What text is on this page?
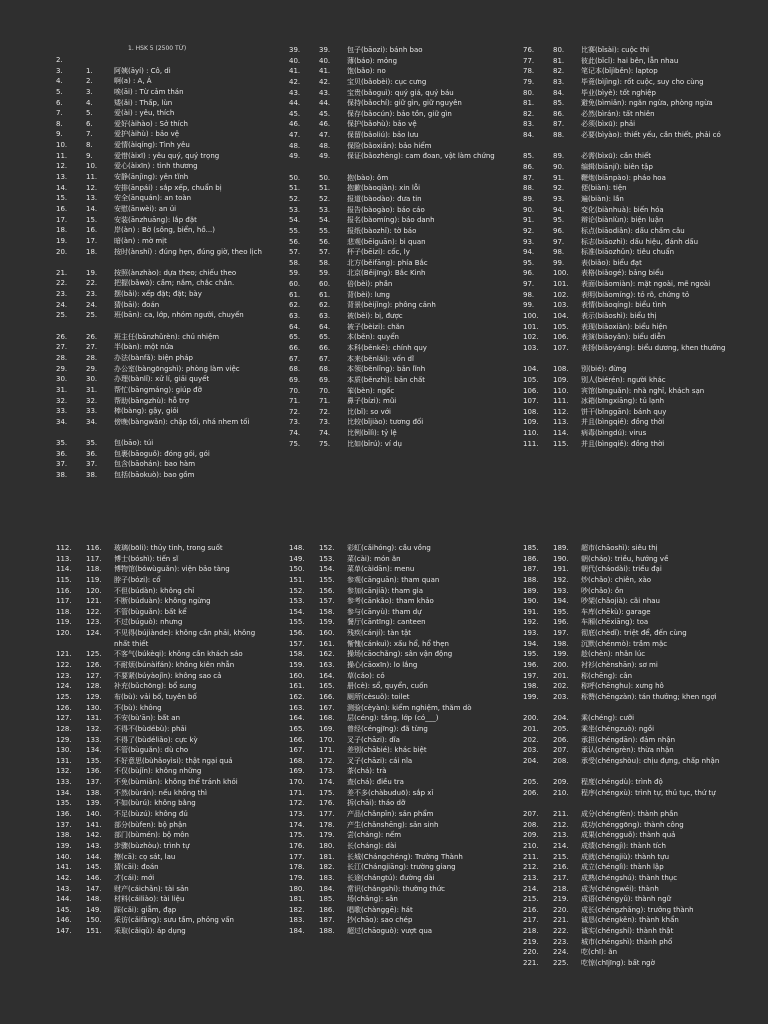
1. HSK 5 (2500 TỪ)
2.
3.	1.	阿姨(āyí) : Cô, dì
4.	2.	啊(a) : A, Á
5.	3.	唉(āi) : Từ cảm thán
6.	4.	矮(ǎi) : Thấp, lùn
7.	5.	爱(ài) : yêu, thích
8.	6.	爱好(àihào) : Sở thích
9.	7.	爱护(àihù) : bảo vệ
10.	8.	爱情(àiqíng): Tình yêu
11.	9.	爱惜(àixī) : yêu quý, quý trọng
12.	10.	爱心(àixīn) : tình thương
13.	11.	安静(ānjìng): yên tĩnh
14.	12.	安排(ānpái) : sắp xếp, chuẩn bị
15.	13.	安全(ānquán): an toàn
16.	14.	安慰(ānwèi): an ủi
17.	15.	安装(ānzhuāng): lắp đặt
18.	16.	岸(àn) : Bờ (sông, biển, hồ...)
19.	17.	暗(àn) : mờ mịt
20.	18.	按时(ànshí) : đúng hẹn, đúng giờ, theo lịch
21.	19.	按照(ànzhào): dựa theo; chiếu theo
22.	22.	把握(bǎwò): cầm; nắm, chắc chắn.
23.	23.	摆(bǎi): xếp đặt; đặt; bày
24.	24.	猜(bāi): đoán
25.	25.	班(bān): ca, lớp, nhóm người, chuyến
26.	26.	班主任(bānzhǔrèn): chủ nhiệm
27.	27.	半(bàn): một nửa
28.	28.	办法(bànfǎ): biện pháp
29.	29.	办公室(bàngōngshì): phòng làm việc
30.	30.	办理(bànlǐ): xử lí, giải quyết
31.	31.	帮忙(bāngmáng): giúp đỡ
32.	32.	帮助(bāngzhù): hỗ trợ
33.	33.	棒(bàng): gậy, giỏi
34.	34.	傍晚(bàngwǎn): chập tối, nhá nhem tối
35.	35.	包(bāo): túi
36.	36.	包裹(bāoguǒ): đóng gói, gói
37.	37.	包含(bāohán): bao hàm
38.	38.	包括(bāokuò): bao gồm
39.	39.	包子(bāozi): bánh bao
40.	40.	薄(báo): mỏng
41.	41.	饱(bǎo): no
42.	42.	宝贝(bǎobèi): cục cưng
43.	43.	宝贵(bǎoguì): quý giá, quý báu
44.	44.	保持(bǎochí): giữ gìn, giữ nguyên
45.	45.	保存(bǎocún): bảo tồn, giữ gìn
46.	46.	保护(bǎohù): bảo vệ
47.	47.	保留(bǎoliú): bảo lưu
48.	48.	保险(bǎoxiǎn): bảo hiểm
49.	49.	保证(bǎozhèng): cam đoan, vật làm chứng
50.	50.	抱(bào): ôm
51.	51.	抱歉(bàoqiàn): xin lỗi
52.	52.	报道(bàodào): đưa tin
53.	53.	报告(bàogào): báo cáo
54.	54.	报名(bàomíng): báo danh
55.	55.	报纸(bàozhǐ): tờ báo
56.	56.	悲观(bēiguān): bi quan
57.	57.	杯子(bēizi): cốc, ly
58.	58.	北方(běifāng): phía Bắc
59.	59.	北京(Běijīng): Bắc Kinh
60.	60.	倍(bèi): phần
61.	61.	背(bèi): lưng
62.	62.	背景(bèijǐng): phông cảnh
63.	63.	被(bèi): bị, được
64.	64.	被子(bèizi): chăn
65.	65.	本(běn): quyển
66.	66.	本科(běnkē): chính quy
67.	67.	本来(běnlái): vốn dĩ
68.	68.	本领(běnlǐng): bản lĩnh
69.	69.	本质(běnzhì): bản chất
70.	70.	笨(bèn): ngốc
71.	71.	鼻子(bízi): mũi
72.	72.	比(bǐ): so với
73.	73.	比较(bǐjiào): tương đối
74.	74.	比例(bǐlì): tỷ lệ
75.	75.	比如(bǐrú): ví dụ
76.	80.	比赛(bǐsài): cuộc thi
77.	81.	彼此(bǐcǐ): hai bên, lẫn nhau
78.	82.	笔记本(bǐjìběn): laptop
79.	83.	毕竟(bìjìng): rốt cuộc, suy cho cùng
80.	84.	毕业(bìyè): tốt nghiệp
81.	85.	避免(bìmiǎn): ngăn ngừa, phòng ngừa
82.	86.	必然(bìrán): tất nhiên
83.	87.	必须(bìxū): phải
84.	88.	必要(bìyào): thiết yếu, cần thiết, phải có
85.	89.	必需(bìxū): cần thiết
86.	90.	编辑(biānjí): biên tập
87.	91.	鞭炮(biānpào): pháo hoa
88.	92.	便(biàn): tiện
89.	93.	遍(biàn): lần
90.	94.	变化(biànhuà): biến hóa
91.	95.	辩论(biànlùn): biện luận
92.	96.	标点(biāodiǎn): dấu chấm câu
93.	97.	标志(biāozhì): dấu hiệu, đánh dấu
94.	98.	标准(biāozhǔn): tiêu chuẩn
95.	99.	表(biǎo): biểu đạt
96.	100.	表格(biǎogé): bảng biểu
97.	101.	表面(biǎomiàn): mặt ngoài, mẽ ngoài
98.	102.	表明(biǎomíng): tỏ rõ, chứng tỏ
99.	103.	表情(biǎoqíng): biểu tình
100.	104.	表示(biǎoshì): biểu thị
101.	105.	表现(biǎoxiàn): biểu hiện
102.	106.	表演(biǎoyǎn): biểu diễn
103.	107.	表扬(biǎoyáng): biểu dương, khen thưởng
104.	108.	别(bié): đừng
105.	109.	别人(biérén): người khác
106.	110.	宾馆(bīnguǎn): nhà nghỉ, khách sạn
107.	111.	冰箱(bīngxiāng): tủ lạnh
108.	112.	饼干(bǐnggān): bánh quy
109.	113.	并且(bìngqiě): đồng thời
110.	114.	病毒(bìngdú): virus
111.	115.	并且(bìngqiě): đồng thời
112.	116.	玻璃(bōli): thủy tinh, trong suốt
113.	117.	博士(bóshì): tiến sĩ
114.	118.	博物馆(bówùguǎn): viện bảo tàng
115.	119.	脖子(bózi): cổ
116.	120.	不但(búdàn): không chỉ
117.	121.	不断(búduàn): không ngừng
118.	122.	不管(bùguǎn): bất kể
119.	123.	不过(búguò): nhưng
120.	124.	不见得(bújiànde): không cần phải, không nhất thiết
121.	125.	不客气(búkèqi): không cần khách sáo
122.	126.	不耐烦(búnàifán): không kiên nhẫn
123.	127.	不要紧(búyàojǐn): không sao cả
124.	128.	补充(bǔchōng): bổ sung
125.	129.	布(bù): vải bố, tuyên bố
126.	130.	不(bù): không
127.	131.	不安(bù'ān): bất an
128.	132.	不得不(bùdébù): phải
129.	133.	不得了(bùdéliǎo): cực kỳ
130.	134.	不管(bùguǎn): dù cho
131.	135.	不好意思(bùhǎoyìsi): thật ngại quá
132.	136.	不仅(bùjǐn): không những
133.	137.	不免(bùmiǎn): không thể tránh khỏi
134.	138.	不然(bùrán): nếu không thì
135.	139.	不如(bùrú): không bằng
136.	140.	不足(bùzú): không đủ
137.	141.	部分(bùfen): bộ phận
138.	142.	部门(bùmén): bộ môn
139.	143.	步骤(bùzhòu): trình tự
140.	144.	擦(cā): cọ sát, lau
141.	145.	猜(cāi): đoán
142.	146.	才(cái): mới
143.	147.	财产(cáichǎn): tài sản
144.	148.	材料(cáiliào): tài liệu
145.	149.	踩(cǎi): giẫm, đạp
146.	150.	采访(cǎifǎng): sưu tầm, phỏng vấn
147.	151.	采取(cǎiqǔ): áp dụng
148.	152.	彩虹(cǎihóng): cầu vồng
149.	153.	菜(cài): món ăn
150.	154.	菜单(càidān): menu
151.	155.	参观(cānguān): tham quan
152.	156.	参加(cānjiā): tham gia
153.	157.	参考(cānkǎo): tham khảo
154.	158.	参与(cānyù): tham dự
155.	159.	餐厅(cāntīng): canteen
156.	160.	残疾(cánjí): tàn tật
157.	161.	惭愧(cánkuì): xấu hổ, hổ thẹn
158.	162.	操场(cāochǎng): sân vận động
159.	163.	操心(cāoxīn): lo lắng
160.	164.	草(cǎo): cỏ
161.	165.	册(cè): sổ, quyển, cuốn
162.	166.	厕所(cèsuǒ): toilet
163.	167.	测验(cèyàn): kiểm nghiệm, thăm dò
164.	168.	层(céng): tầng, lớp (có___)
165.	169.	曾经(céngjīng): đã từng
166.	170.	叉子(chāzi): dĩa
167.	171.	差别(chābié): khác biệt
168.	172.	叉子(chāzi): cái nĩa
169.	173.	茶(chá): trà
170.	174.	查(chá): điều tra
171.	175.	差不多(chàbuduō): sắp xỉ
172.	176.	拆(chāi): tháo dỡ
173.	177.	产品(chǎnpǐn): sản phẩm
174.	178.	产生(chǎnshēng): sản sinh
175.	179.	尝(cháng): nếm
176.	180.	长(cháng): dài
177.	181.	长城(Chángchéng): Trường Thành
178.	182.	长江(Chángjiāng): trường giang
179.	183.	长途(chángtú): đường dài
180.	184.	常识(chángshí): thường thức
181.	185.	场(chǎng): sân
182.	186.	唱歌(chànggē): hát
183.	187.	抄(chāo): sao chép
184.	188.	超过(chāoguò): vượt qua
185.	189.	超市(chāoshì): siêu thị
186.	190.	朝(cháo): triều, hướng về
187.	191.	朝代(cháodài): triều đại
188.	192.	炒(chǎo): chiên, xào
189.	193.	吵(chǎo): ồn
190.	194.	吵架(chǎojià): cãi nhau
191.	195.	车库(chēkù): garage
192.	196.	车厢(chēxiāng): toa
193.	197.	彻底(chèdǐ): triệt để, đến cùng
194.	198.	沉默(chénmò): trầm mặc
195.	199.	趁(chèn): nhân lúc
196.	200.	衬衫(chènshān): sơ mi
197.	201.	称(chēng): cân
198.	202.	称呼(chēnghu): xưng hô
199.	203.	称赞(chēngzàn): tán thưởng; khen ngợi
200.	204.	乘(chéng): cưỡi
201.	205.	乘坐(chéngzuò): ngồi
202.	206.	承担(chéngdān): đảm nhận
203.	207.	承认(chéngrèn): thừa nhận
204.	208.	承受(chéngshòu): chịu đựng, chấp nhận
205.	209.	程度(chéngdù): trình độ
206.	210.	程序(chéngxù): trình tự, thủ tục, thứ tự
207.	211.	成分(chéngfèn): thành phần
208.	212.	成功(chénggōng): thành công
209.	213.	成果(chéngguǒ): thành quả
210.	214.	成绩(chéngjì): thành tích
211.	215.	成就(chéngjiù): thành tựu
212.	216.	成立(chénglì): thành lập
213.	217.	成熟(chéngshú): thành thục
214.	218.	成为(chéngwéi): thành
215.	219.	成语(chéngyǔ): thành ngữ
216.	220.	成长(chéngzhǎng): trưởng thành
217.	221.	诚恳(chéngkěn): thành khẩn
218.	222.	诚实(chéngshí): thành thật
219.	223.	城市(chéngshì): thành phố
220.	224.	吃(chī): ăn
221.	225.	吃惊(chījīng): bất ngờ
